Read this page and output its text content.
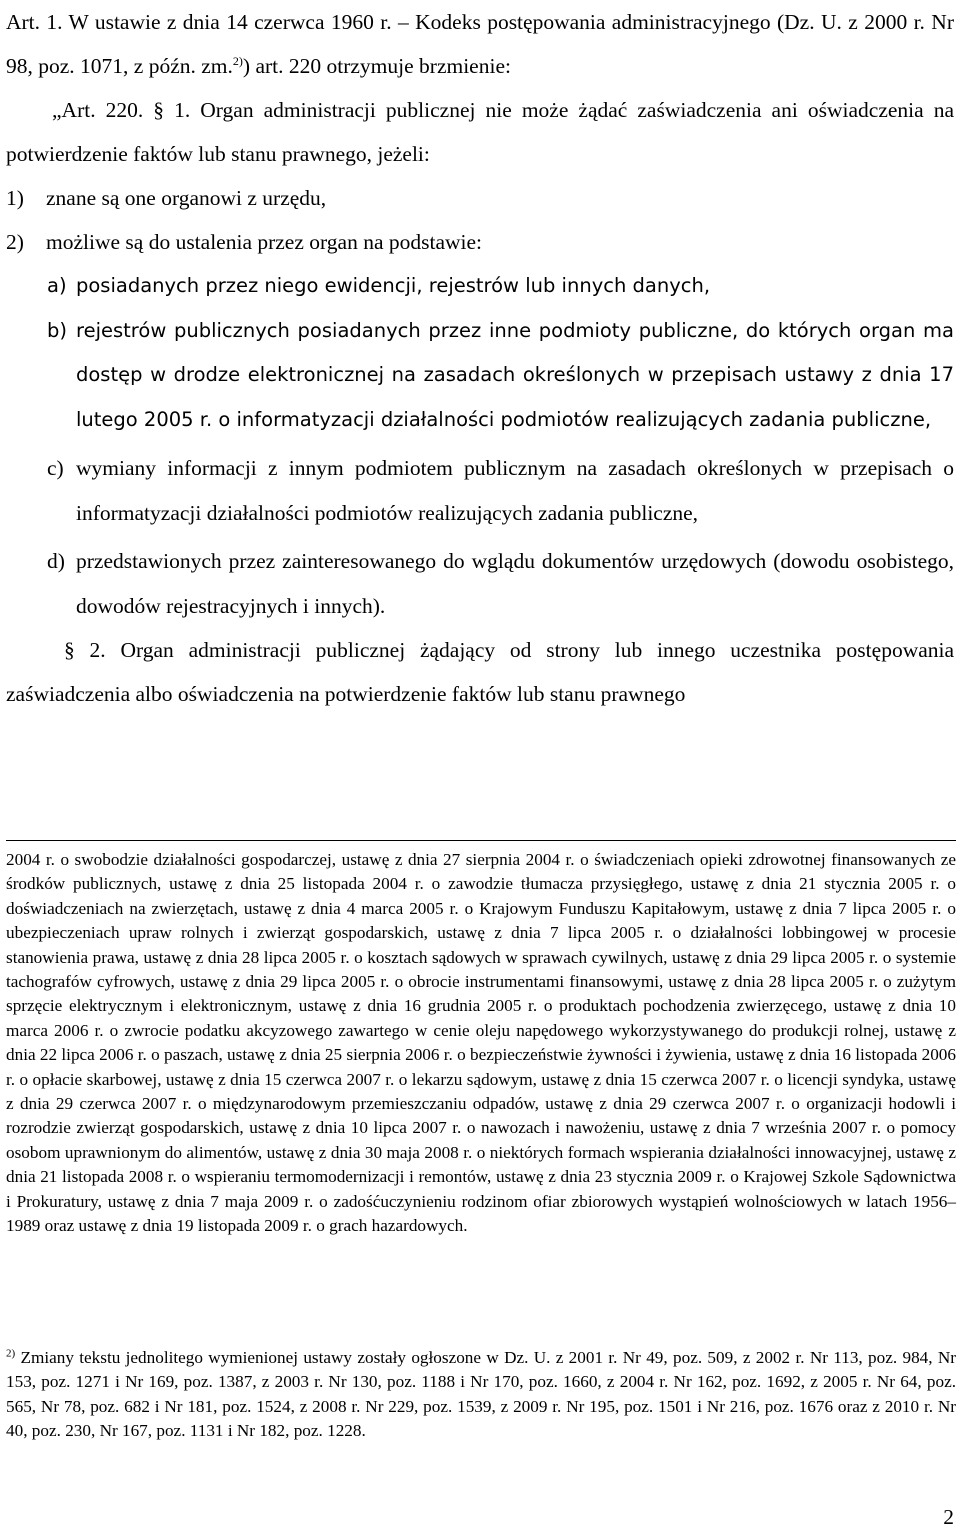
Art. 1. W ustawie z dnia 14 czerwca 1960 r. – Kodeks postępowania administracyjnego (Dz. U. z 2000 r. Nr 98, poz. 1071, z późn. zm.$^{2)}$) art. 220 otrzymuje brzmienie:

„Art. 220. § 1. Organ administracji publicznej nie może żądać zaświadczenia ani oświadczenia na potwierdzenie faktów lub stanu prawnego, jeżeli:

1) znane są one organowi z urzędu,

2) możliwe są do ustalenia przez organ na podstawie:

a) posiadanych przez niego ewidencji, rejestrów lub innych danych,

b) rejestrów publicznych posiadanych przez inne podmioty publiczne, do których organ ma dostęp w drodze elektronicznej na zasadach określonych w przepisach ustawy z dnia 17 lutego 2005 r. o informatyzacji działalności podmiotów realizujących zadania publiczne,

c) wymiany informacji z innym podmiotem publicznym na zasadach określonych w przepisach o informatyzacji działalności podmiotów realizujących zadania publiczne,

d) przedstawionych przez zainteresowanego do wglądu dokumentów urzędowych (dowodu osobistego, dowodów rejestracyjnych i innych).

§ 2. Organ administracji publicznej żądający od strony lub innego uczestnika postępowania zaświadczenia albo oświadczenia na potwierdzenie faktów lub stanu prawnego

2004 r. o swobodzie działalności gospodarczej, ustawę z dnia 27 sierpnia 2004 r. o świadczeniach opieki zdrowotnej finansowanych ze środków publicznych, ustawę z dnia 25 listopada 2004 r. o zawodzie tłumacza przysięgłego, ustawę z dnia 21 stycznia 2005 r. o doświadczeniach na zwierzętach, ustawę z dnia 4 marca 2005 r. o Krajowym Funduszu Kapitałowym, ustawę z dnia 7 lipca 2005 r. o ubezpieczeniach upraw rolnych i zwierząt gospodarskich, ustawę z dnia 7 lipca 2005 r. o działalności lobbingowej w procesie stanowienia prawa, ustawę z dnia 28 lipca 2005 r. o kosztach sądowych w sprawach cywilnych, ustawę z dnia 29 lipca 2005 r. o systemie tachografów cyfrowych, ustawę z dnia 29 lipca 2005 r. o obrocie instrumentami finansowymi, ustawę z dnia 28 lipca 2005 r. o zużytym sprzęcie elektrycznym i elektronicznym, ustawę z dnia 16 grudnia 2005 r. o produktach pochodzenia zwierzęcego, ustawę z dnia 10 marca 2006 r. o zwrocie podatku akcyzowego zawartego w cenie oleju napędowego wykorzystywanego do produkcji rolnej, ustawę z dnia 22 lipca 2006 r. o paszach, ustawę z dnia 25 sierpnia 2006 r. o bezpieczeństwie żywności i żywienia, ustawę z dnia 16 listopada 2006 r. o opłacie skarbowej, ustawę z dnia 15 czerwca 2007 r. o lekarzu sądowym, ustawę z dnia 15 czerwca 2007 r. o licencji syndyka, ustawę z dnia 29 czerwca 2007 r. o międzynarodowym przemieszczaniu odpadów, ustawę z dnia 29 czerwca 2007 r. o organizacji hodowli i rozrodzie zwierząt gospodarskich, ustawę z dnia 10 lipca 2007 r. o nawozach i nawożeniu, ustawę z dnia 7 września 2007 r. o pomocy osobom uprawnionym do alimentów, ustawę z dnia 30 maja 2008 r. o niektórych formach wspierania działalności innowacyjnej, ustawę z dnia 21 listopada 2008 r. o wspieraniu termomodernizacji i remontów, ustawę z dnia 23 stycznia 2009 r. o Krajowej Szkole Sądownictwa i Prokuratury, ustawę z dnia 7 maja 2009 r. o zadośćuczynieniu rodzinom ofiar zbiorowych wystąpień wolnościowych w latach 1956–1989 oraz ustawę z dnia 19 listopada 2009 r. o grach hazardowych.

$^{2)}$ Zmiany tekstu jednolitego wymienionej ustawy zostały ogłoszone w Dz. U. z 2001 r. Nr 49, poz. 509, z 2002 r. Nr 113, poz. 984, Nr 153, poz. 1271 i Nr 169, poz. 1387, z 2003 r. Nr 130, poz. 1188 i Nr 170, poz. 1660, z 2004 r. Nr 162, poz. 1692, z 2005 r. Nr 64, poz. 565, Nr 78, poz. 682 i Nr 181, poz. 1524, z 2008 r. Nr 229, poz. 1539, z 2009 r. Nr 195, poz. 1501 i Nr 216, poz. 1676 oraz z 2010 r. Nr 40, poz. 230, Nr 167, poz. 1131 i Nr 182, poz. 1228.

2
